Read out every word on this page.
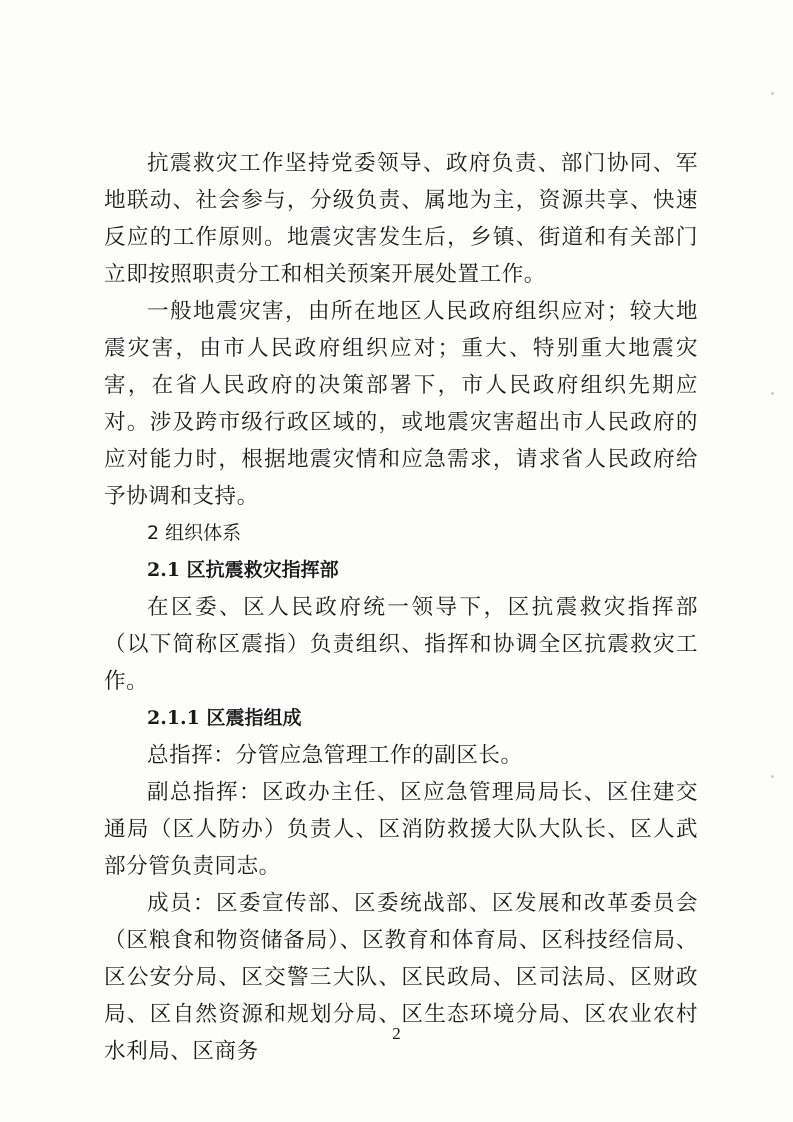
抗震救灾工作坚持党委领导、政府负责、部门协同、军地联动、社会参与，分级负责、属地为主，资源共享、快速反应的工作原则。地震灾害发生后，乡镇、街道和有关部门立即按照职责分工和相关预案开展处置工作。

一般地震灾害，由所在地区人民政府组织应对；较大地震灾害，由市人民政府组织应对；重大、特别重大地震灾害，在省人民政府的决策部署下，市人民政府组织先期应对。涉及跨市级行政区域的，或地震灾害超出市人民政府的应对能力时，根据地震灾情和应急需求，请求省人民政府给予协调和支持。

2 组织体系

2.1 区抗震救灾指挥部

在区委、区人民政府统一领导下，区抗震救灾指挥部（以下简称区震指）负责组织、指挥和协调全区抗震救灾工作。

2.1.1 区震指组成

总指挥：分管应急管理工作的副区长。

副总指挥：区政办主任、区应急管理局局长、区住建交通局（区人防办）负责人、区消防救援大队大队长、区人武部分管负责同志。

成员：区委宣传部、区委统战部、区发展和改革委员会（区粮食和物资储备局）、区教育和体育局、区科技经信局、区公安分局、区交警三大队、区民政局、区司法局、区财政局、区自然资源和规划分局、区生态环境分局、区农业农村水利局、区商务

2
